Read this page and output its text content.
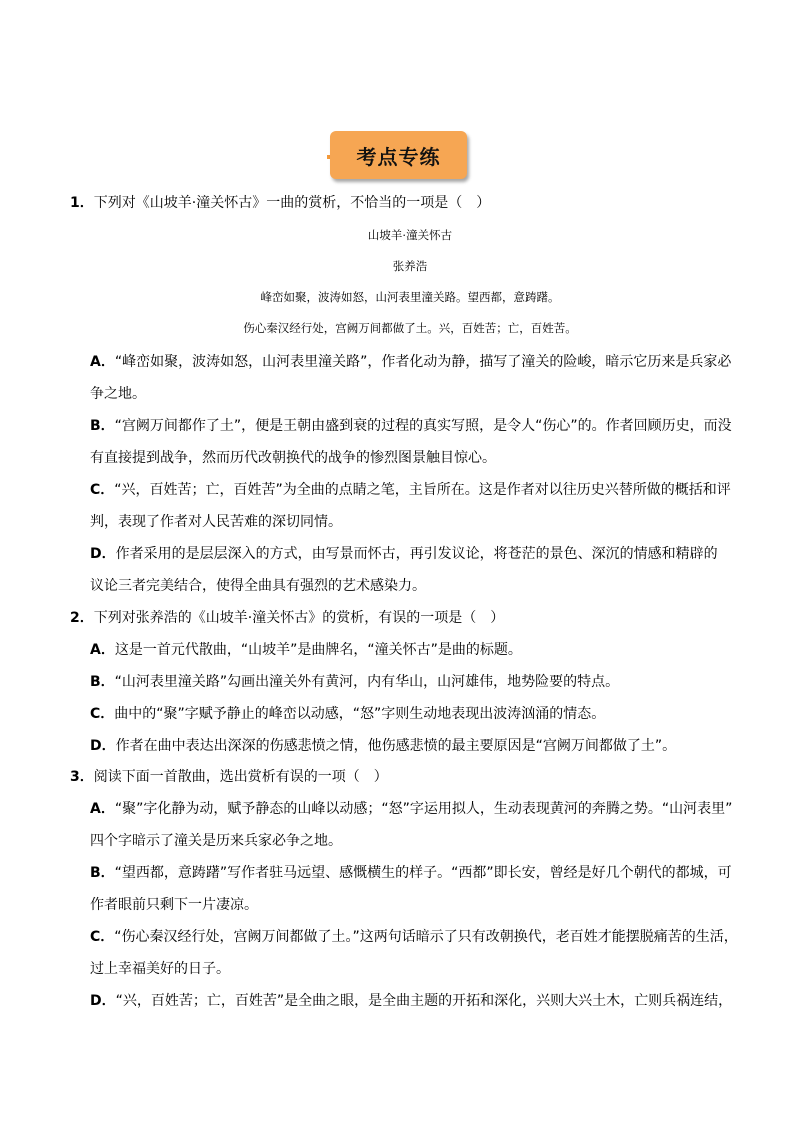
考点专练
1．下列对《山坡羊·潼关怀古》一曲的赏析，不恰当的一项是（　）
山坡羊·潼关怀古
张养浩
峰峦如聚，波涛如怒，山河表里潼关路。望西都，意踌躇。
伤心秦汉经行处，宫阙万间都做了土。兴，百姓苦；亡，百姓苦。
A．“峰峦如聚，波涛如怒，山河表里潼关路”，作者化动为静，描写了潼关的险峻，暗示它历来是兵家必
争之地。
B．“宫阙万间都作了土”，便是王朝由盛到衰的过程的真实写照，是令人“伤心”的。作者回顾历史，而没
有直接提到战争，然而历代改朝换代的战争的惨烈图景触目惊心。
C．“兴，百姓苦；亡，百姓苦”为全曲的点睛之笔，主旨所在。这是作者对以往历史兴替所做的概括和评
判，表现了作者对人民苦难的深切同情。
D．作者采用的是层层深入的方式，由写景而怀古，再引发议论，将苍茫的景色、深沉的情感和精辟的
议论三者完美结合，使得全曲具有强烈的艺术感染力。
2．下列对张养浩的《山坡羊·潼关怀古》的赏析，有误的一项是（　）
A．这是一首元代散曲，“山坡羊”是曲牌名，“潼关怀古”是曲的标题。
B．“山河表里潼关路”勾画出潼关外有黄河，内有华山，山河雄伟，地势险要的特点。
C．曲中的“聚”字赋予静止的峰峦以动感，“怒”字则生动地表现出波涛汹涌的情态。
D．作者在曲中表达出深深的伤感悲愤之情，他伤感悲愤的最主要原因是“宫阙万间都做了土”。
3．阅读下面一首散曲，选出赏析有误的一项（　）
A．“聚”字化静为动，赋予静态的山峰以动感；“怒”字运用拟人，生动表现黄河的奔腾之势。“山河表里”
四个字暗示了潼关是历来兵家必争之地。
B．“望西都，意踌躇”写作者驻马远望、感慨横生的样子。“西都”即长安，曾经是好几个朝代的都城，可
作者眼前只剩下一片凄凉。
C．“伤心秦汉经行处，宫阙万间都做了土。”这两句话暗示了只有改朝换代，老百姓才能摆脱痛苦的生活，
过上幸福美好的日子。
D．“兴，百姓苦；亡，百姓苦”是全曲之眼，是全曲主题的开拓和深化，兴则大兴土木，亡则兵祸连结，
